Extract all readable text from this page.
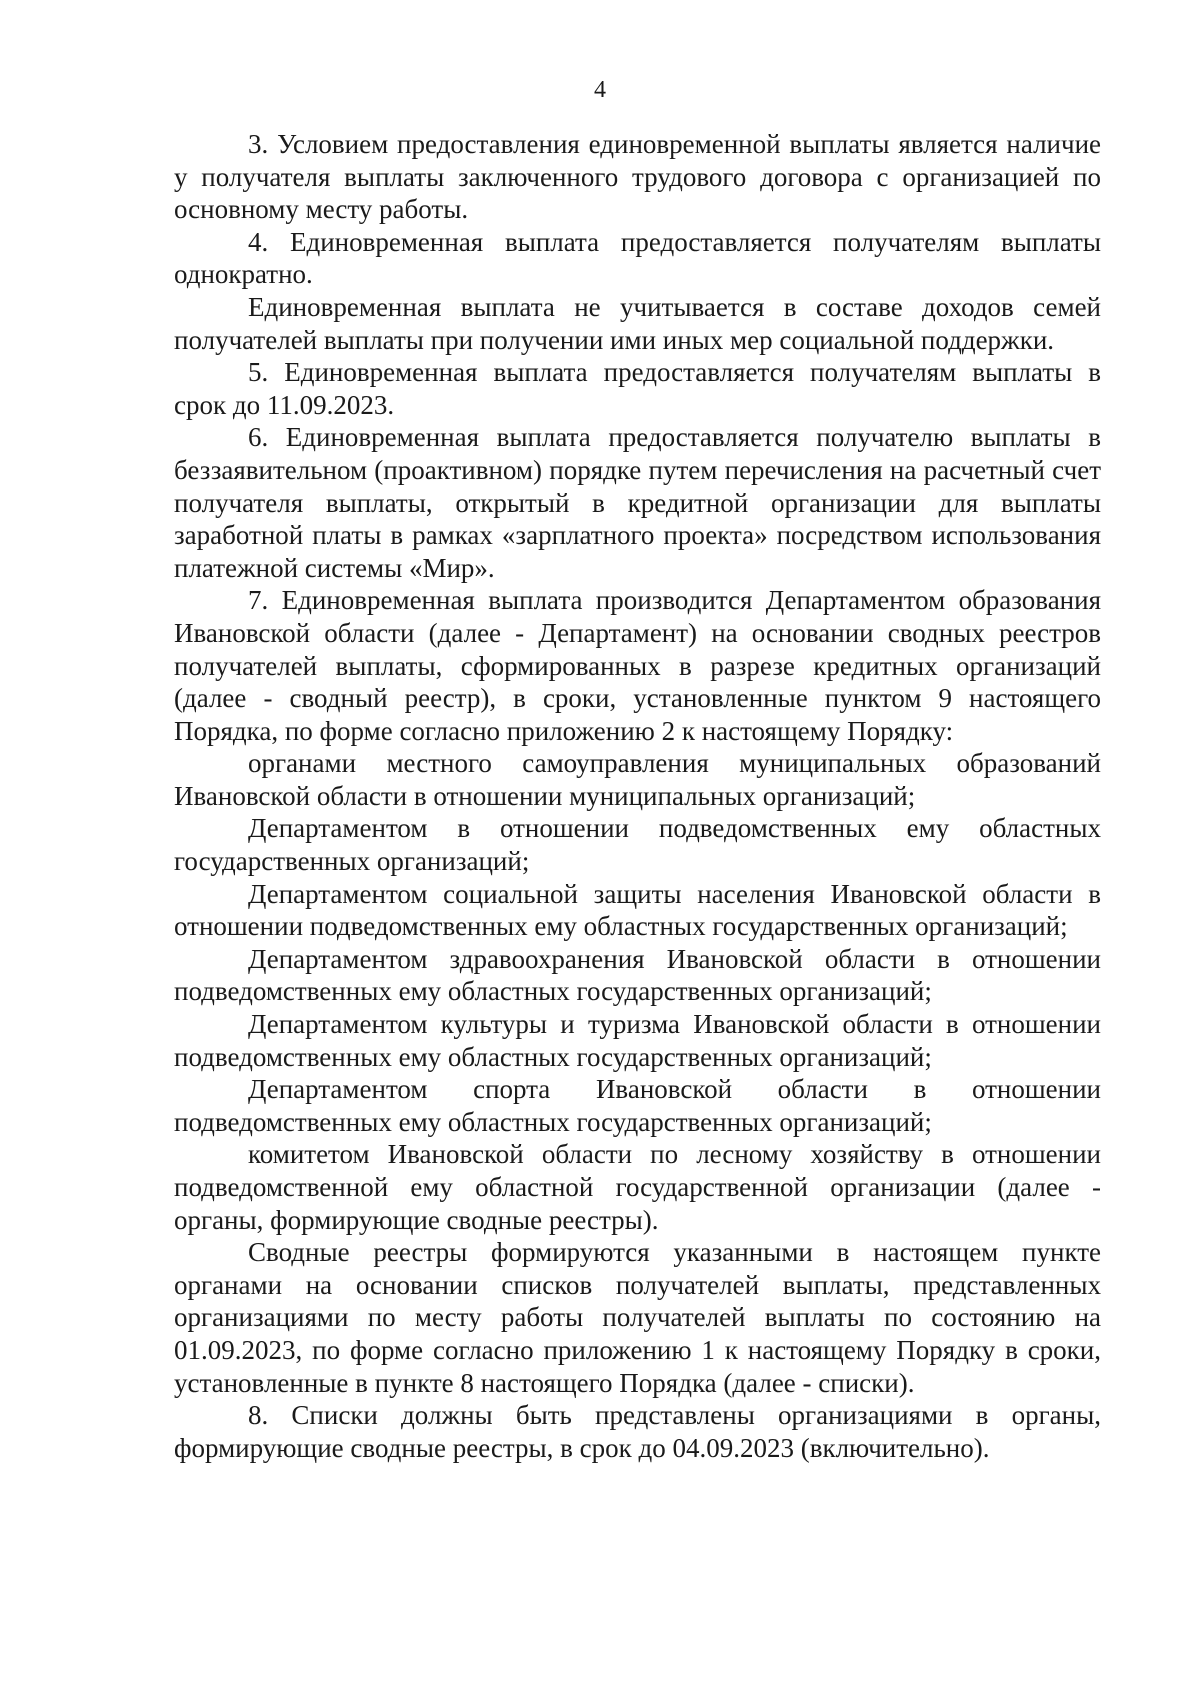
4

3. Условием предоставления единовременной выплаты является наличие у получателя выплаты заключенного трудового договора с организацией по основному месту работы.

4. Единовременная выплата предоставляется получателям выплаты однократно.

Единовременная выплата не учитывается в составе доходов семей получателей выплаты при получении ими иных мер социальной поддержки.

5. Единовременная выплата предоставляется получателям выплаты в срок до 11.09.2023.

6. Единовременная выплата предоставляется получателю выплаты в беззаявительном (проактивном) порядке путем перечисления на расчетный счет получателя выплаты, открытый в кредитной организации для выплаты заработной платы в рамках «зарплатного проекта» посредством использования платежной системы «Мир».

7. Единовременная выплата производится Департаментом образования Ивановской области (далее - Департамент) на основании сводных реестров получателей выплаты, сформированных в разрезе кредитных организаций (далее - сводный реестр), в сроки, установленные пунктом 9 настоящего Порядка, по форме согласно приложению 2 к настоящему Порядку:

органами местного самоуправления муниципальных образований Ивановской области в отношении муниципальных организаций;

Департаментом в отношении подведомственных ему областных государственных организаций;

Департаментом социальной защиты населения Ивановской области в отношении подведомственных ему областных государственных организаций;

Департаментом здравоохранения Ивановской области в отношении подведомственных ему областных государственных организаций;

Департаментом культуры и туризма Ивановской области в отношении подведомственных ему областных государственных организаций;

Департаментом спорта Ивановской области в отношении подведомственных ему областных государственных организаций;

комитетом Ивановской области по лесному хозяйству в отношении подведомственной ему областной государственной организации (далее - органы, формирующие сводные реестры).

Сводные реестры формируются указанными в настоящем пункте органами на основании списков получателей выплаты, представленных организациями по месту работы получателей выплаты по состоянию на 01.09.2023, по форме согласно приложению 1 к настоящему Порядку в сроки, установленные в пункте 8 настоящего Порядка (далее - списки).

8. Списки должны быть представлены организациями в органы, формирующие сводные реестры, в срок до 04.09.2023 (включительно).
